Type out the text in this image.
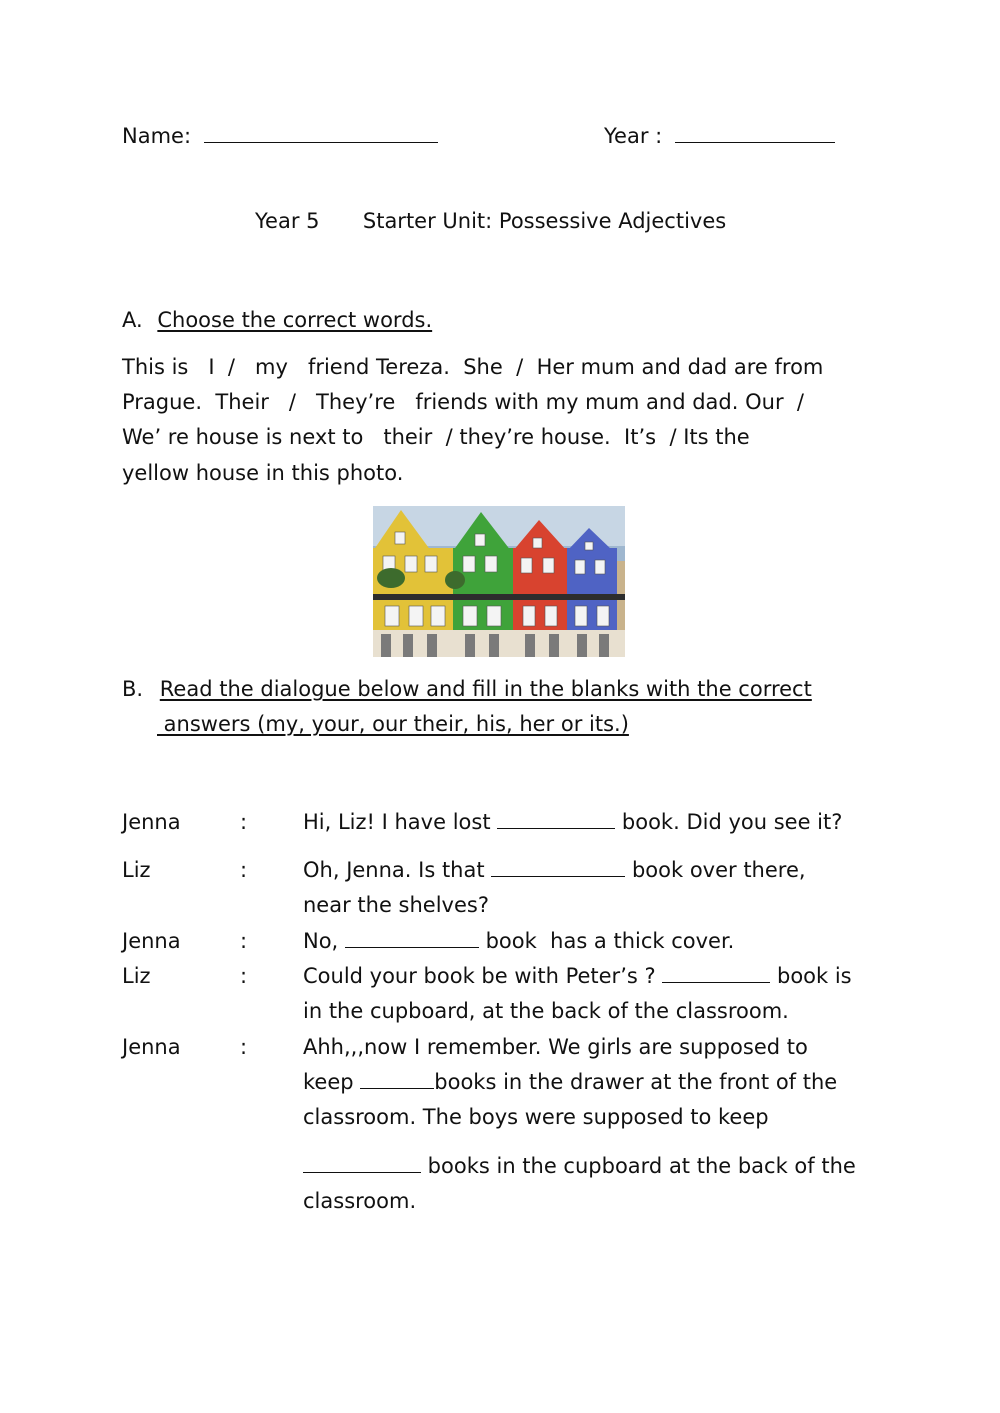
Name:	Year :
Year 5 Starter Unit: Possessive Adjectives
A. Choose the correct words.
This is   I  /   my   friend Tereza.  She  /  Her mum and dad are from
Prague.  Their   /   They’re   friends with my mum and dad. Our  /
We’ re house is next to   their  / they’re house.  It’s  / Its the
yellow house in this photo.
B. Read the dialogue below and fill in the blanks with the correct
answers (my, your, our their, his, her or its.)
Jenna	:	Hi, Liz! I have lost	book. Did you see it?
Liz	:	Oh, Jenna. Is that	book over there,
near the shelves?
Jenna	:	No,	book  has a thick cover.
Liz	:	Could your book be with Peter’s ?	book is
in the cupboard, at the back of the classroom.
Jenna	:	Ahh,,,now I remember. We girls are supposed to
keep	books in the drawer at the front of the
classroom. The boys were supposed to keep
books in the cupboard at the back of the
classroom.
